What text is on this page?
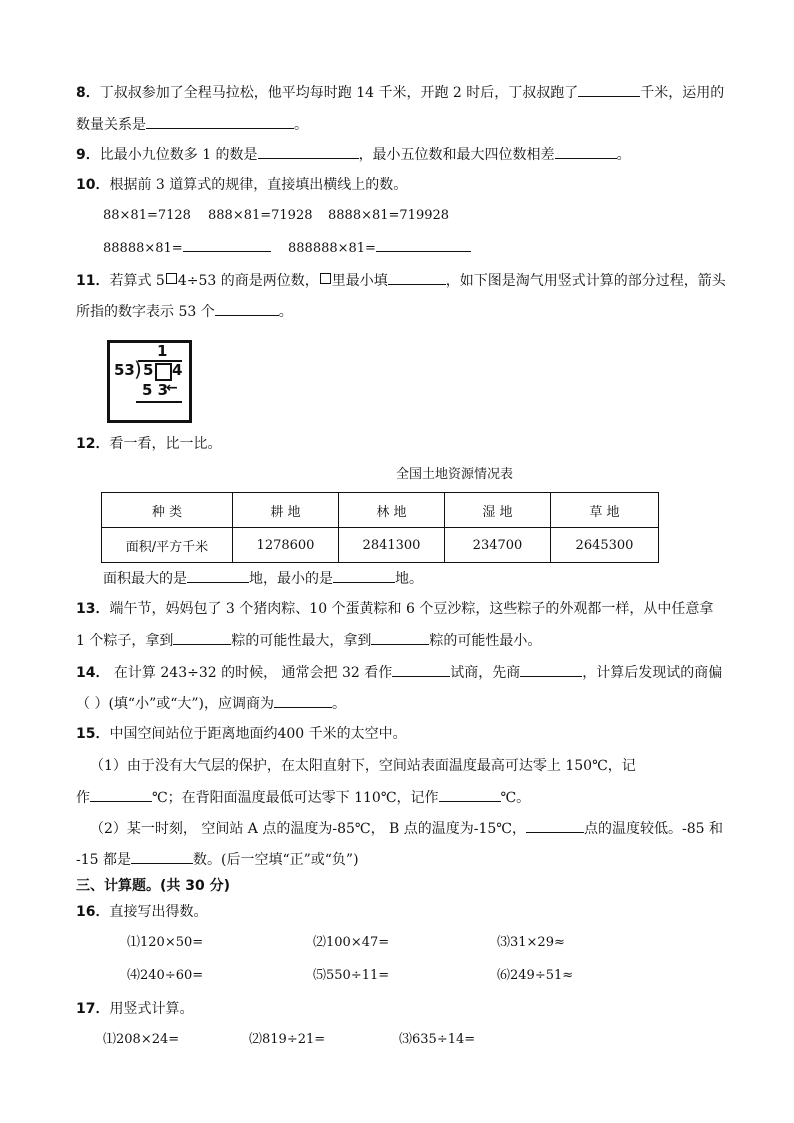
8．丁叔叔参加了全程马拉松，他平均每时跑 14 千米，开跑 2 时后，丁叔叔跑了	千米，运用的
数量关系是	。
9．比最小九位数多 1 的数是	，最小五位数和最大四位数相差	。
10．根据前 3 道算式的规律，直接填出横线上的数。
88×81=7128 888×81=71928 8888×81=719928
88888×81=	888888×81=
11．若算式 5 4÷53 的商是两位数， 里最小填	，如下图是淘气用竖式计算的部分过程，箭头
所指的数字表示 53 个	。
1
53 ) 5 4
5 3
←
12．看一看，比一比。
全国土地资源情况表
种 类	耕 地	林 地	湿 地	草 地
面积/平方千米	1278600	2841300	234700	2645300
面积最大的是	地，最小的是	地。
13．端午节，妈妈包了 3 个猪肉粽、10 个蛋黄粽和 6 个豆沙粽，这些粽子的外观都一样，从中任意拿
1 个粽子，拿到	粽的可能性最大，拿到	粽的可能性最小。
14． 在计算 243÷32 的时候， 通常会把 32 看作	试商，先商	，计算后发现试的商偏
（ ）(填“小”或“大”)，应调商为	。
15．中国空间站位于距离地面约400 千米的太空中。
（1）由于没有大气层的保护，在太阳直射下，空间站表面温度最高可达零上 150℃，记
作	℃；在背阳面温度最低可达零下 110℃，记作	℃。
（2）某一时刻， 空间站 A 点的温度为-85℃， B 点的温度为-15℃，	点的温度较低。-85 和
-15 都是	数。(后一空填“正”或“负”)
三、计算题。(共 30 分)
16．直接写出得数。
⑴120×50=	⑵100×47=	⑶31×29≈
⑷240÷60=	⑸550÷11=	⑹249÷51≈
17．用竖式计算。
⑴208×24=	⑵819÷21=	⑶635÷14=
